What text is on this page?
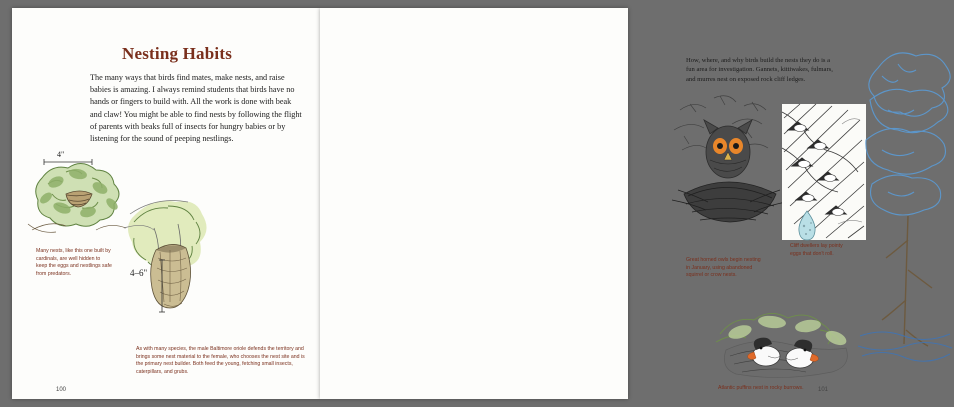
Nesting Habits
The many ways that birds find mates, make nests, and raise babies is amazing. I always remind students that birds have no hands or fingers to build with. All the work is done with beak and claw! You might be able to find nests by following the flight of parents with beaks full of insects for hungry babies or by listening for the sound of peeping nestlings.
4"
Many nests, like this one built by cardinals, are well hidden to keep the eggs and nestlings safe from predators.	4–6"
As with many species, the male Baltimore oriole defends the territory and brings some nest material to the female, who chooses the nest site and is the primary nest builder. Both feed the young, fetching small insects, caterpillars, and grubs.
100
How, where, and why birds build the nests they do is a fun area for investigation. Gannets, kittiwakes, fulmars, and murres nest on exposed rock cliff ledges.
Great horned owls begin nesting in January, using abandoned squirrel or crow nests.
Cliff dwellers lay pointy eggs that don't roll.
Atlantic puffins nest in rocky burrows.	101
